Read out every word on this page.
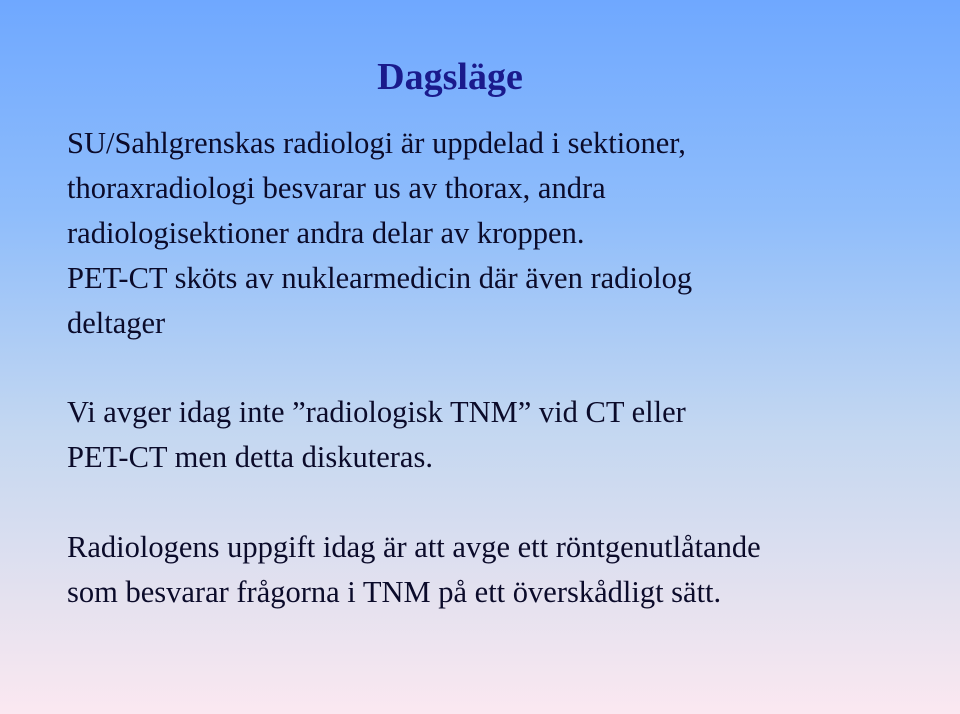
Dagsläge

SU/Sahlgrenskas radiologi är uppdelad i sektioner,
thoraxradiologi besvarar us av thorax, andra
radiologisektioner andra delar av kroppen.
PET-CT sköts av nuklearmedicin där även radiolog
deltager

Vi avger idag inte ”radiologisk TNM” vid CT eller
PET-CT men detta diskuteras.

Radiologens uppgift idag är att avge ett röntgenutlåtande
som besvarar frågorna i TNM på ett överskådligt sätt.
